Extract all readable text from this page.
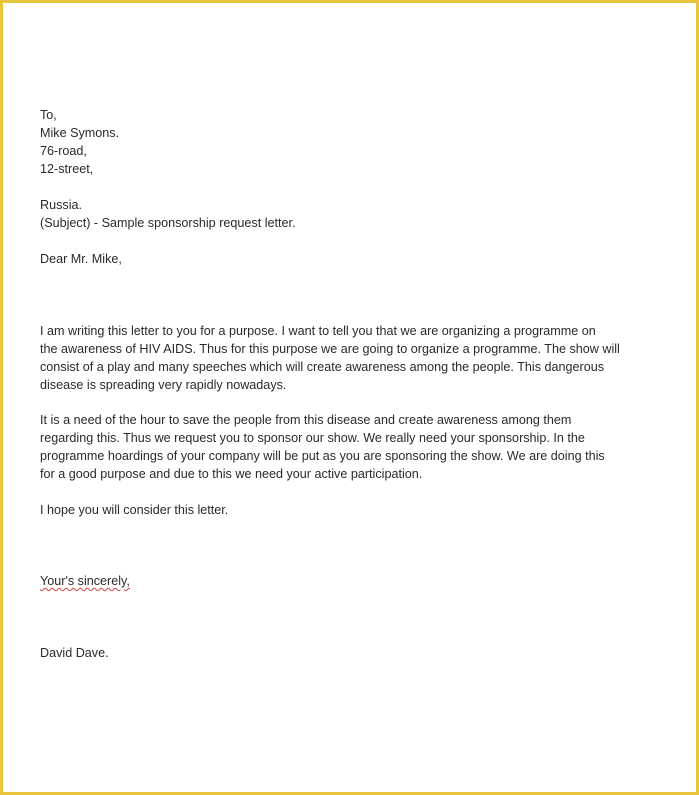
To,
Mike Symons.
76-road,
12-street,
Russia.
(Subject) - Sample sponsorship request letter.
Dear Mr. Mike,
I am writing this letter to you for a purpose. I want to tell you that we are organizing a programme on
the awareness of HIV AIDS. Thus for this purpose we are going to organize a programme. The show will
consist of a play and many speeches which will create awareness among the people. This dangerous
disease is spreading very rapidly nowadays.
It is a need of the hour to save the people from this disease and create awareness among them
regarding this. Thus we request you to sponsor our show. We really need your sponsorship. In the
programme hoardings of your company will be put as you are sponsoring the show. We are doing this
for a good purpose and due to this we need your active participation.
I hope you will consider this letter.
Your's sincerely,
David Dave.
